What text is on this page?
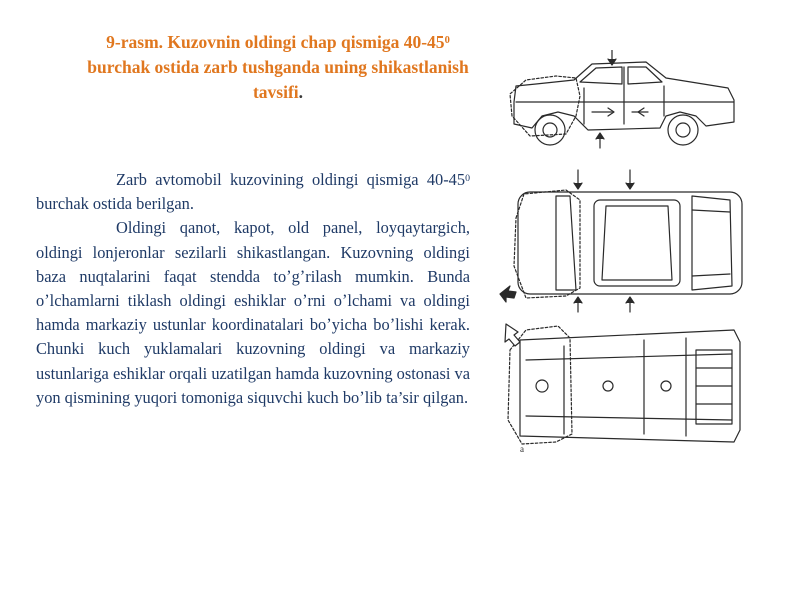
9-rasm. Kuzovnin oldingi chap qismiga $40-45^0$ burchak ostida zarb tushganda uning shikastlanish tavsifi.

Zarb avtomobil kuzovining oldingi qismiga $40-45^0$ burchak ostida berilgan.

Oldingi qanot, kapot, old panel, loyqaytargich, oldingi lonjeronlar sezilarli shikastlangan. Kuzovning oldingi baza nuqtalarini faqat stendda toʼgʼrilash mumkin. Bunda oʼlchamlarni tiklash oldingi eshiklar oʼrni oʼlchami va oldingi hamda markaziy ustunlar koordinatalari boʼyicha boʼlishi kerak. Chunki kuch yuklamalari kuzovning oldingi va markaziy ustunlariga eshiklar orqali uzatilgan hamda kuzovning ostonasi va yon qismining yuqori tomoniga siquvchi kuch boʼlib ta’sir qilgan.

a
